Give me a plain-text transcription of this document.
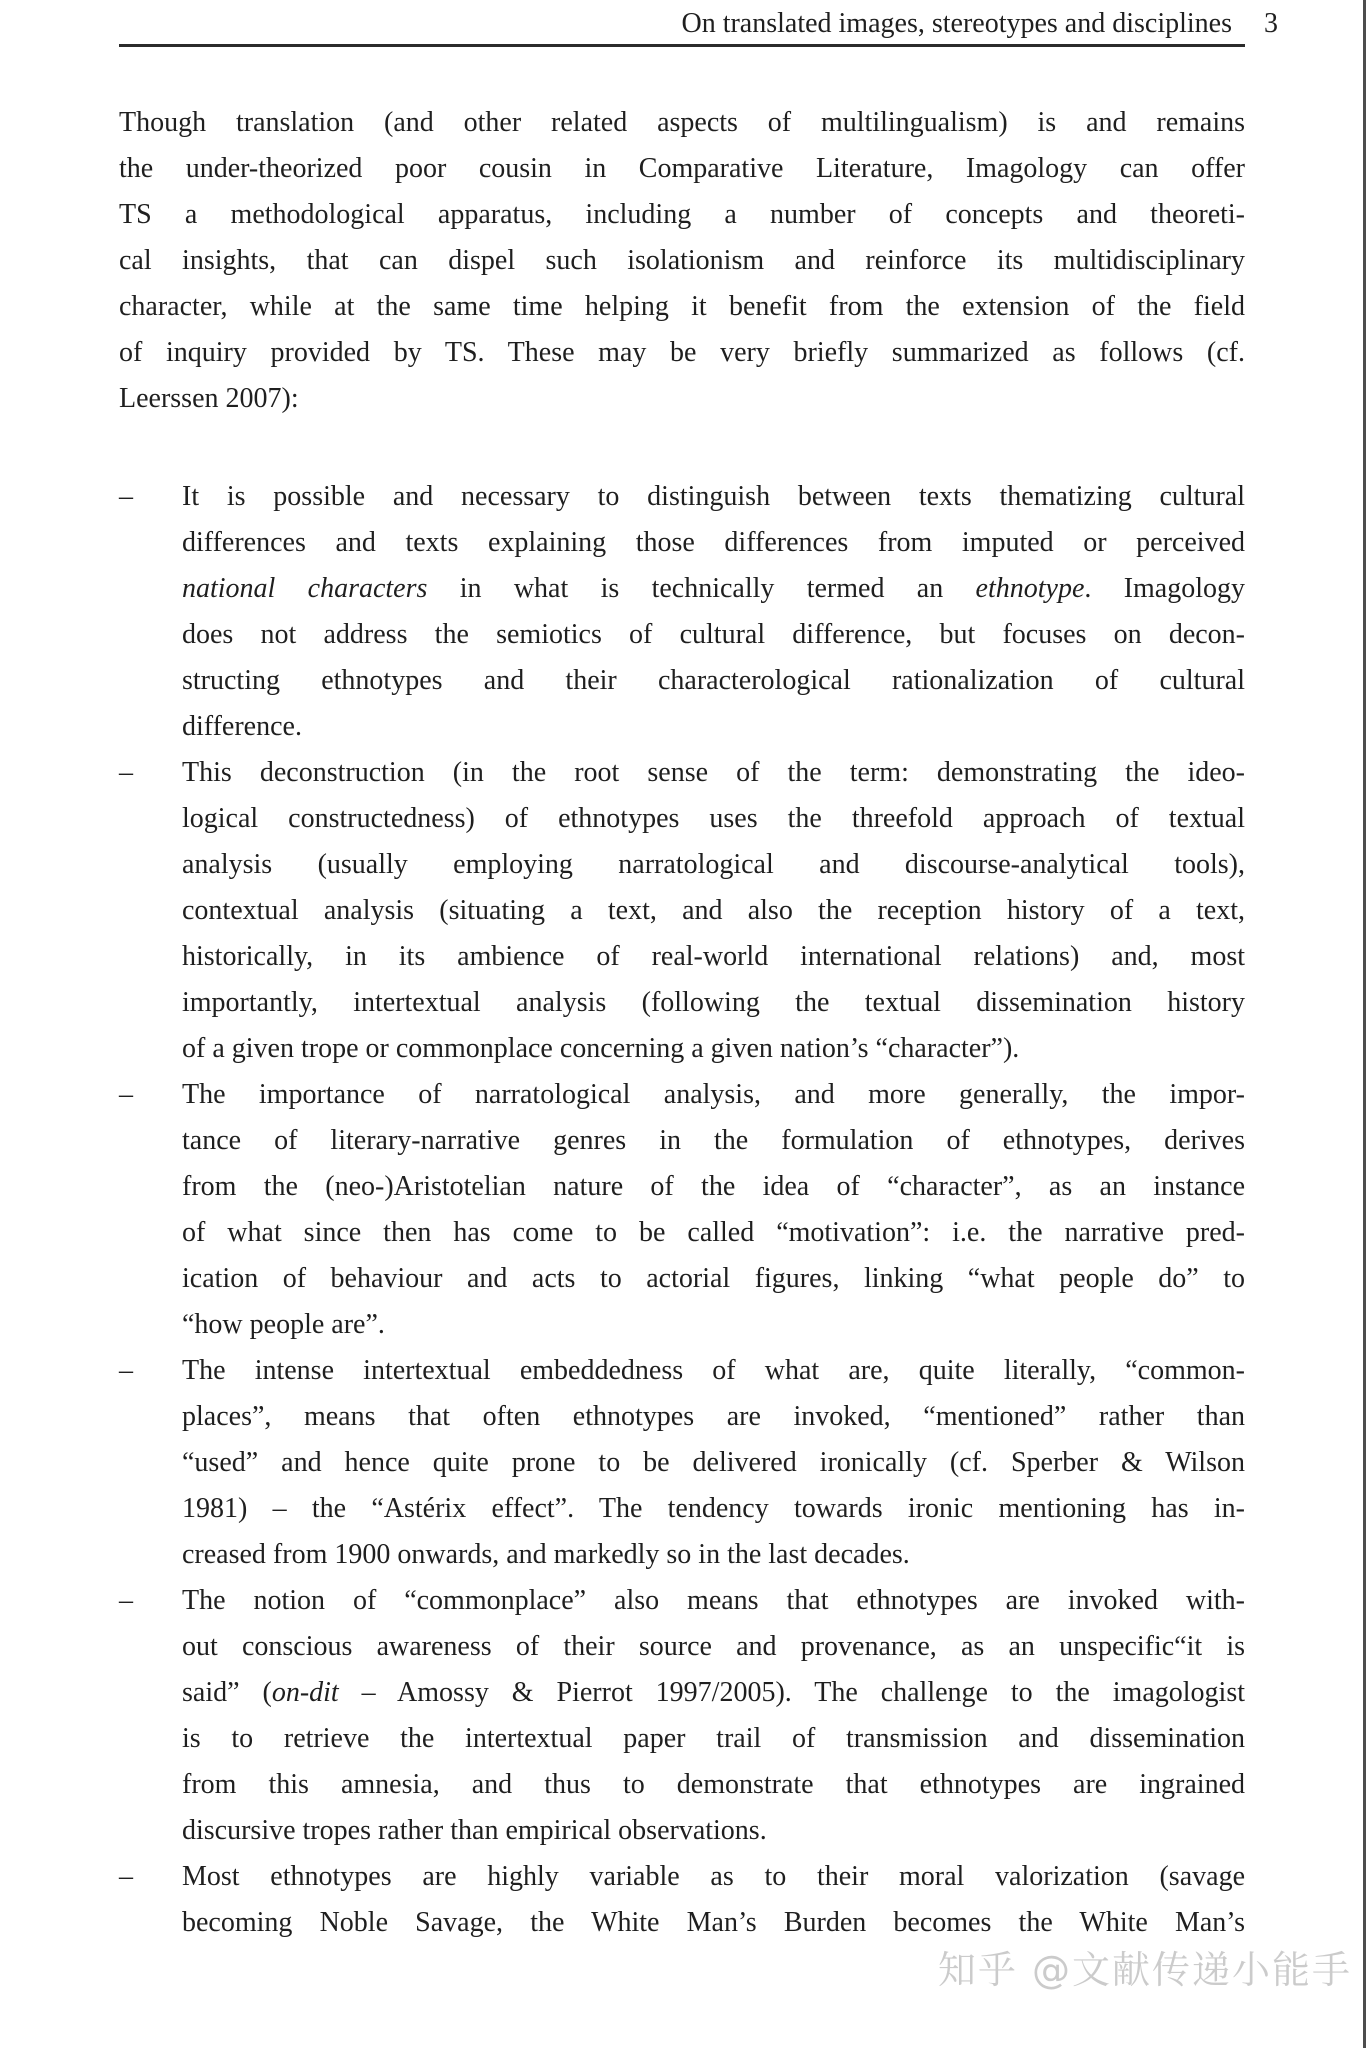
On translated images, stereotypes and disciplines 3

Though translation (and other related aspects of multilingualism) is and remains
the under-theorized poor cousin in Comparative Literature, Imagology can offer
TS a methodological apparatus, including a number of concepts and theoreti-
cal insights, that can dispel such isolationism and reinforce its multidisciplinary
character, while at the same time helping it benefit from the extension of the field
of inquiry provided by TS. These may be very briefly summarized as follows (cf.
Leerssen 2007):

– It is possible and necessary to distinguish between texts thematizing cultural
differences and texts explaining those differences from imputed or perceived
national characters in what is technically termed an ethnotype. Imagology
does not address the semiotics of cultural difference, but focuses on decon-
structing ethnotypes and their characterological rationalization of cultural
difference.
– This deconstruction (in the root sense of the term: demonstrating the ideo-
logical constructedness) of ethnotypes uses the threefold approach of textual
analysis (usually employing narratological and discourse-analytical tools),
contextual analysis (situating a text, and also the reception history of a text,
historically, in its ambience of real-world international relations) and, most
importantly, intertextual analysis (following the textual dissemination history
of a given trope or commonplace concerning a given nation’s “character”).
– The importance of narratological analysis, and more generally, the impor-
tance of literary-narrative genres in the formulation of ethnotypes, derives
from the (neo-)Aristotelian nature of the idea of “character”, as an instance
of what since then has come to be called “motivation”: i.e. the narrative pred-
ication of behaviour and acts to actorial figures, linking “what people do” to
“how people are”.
– The intense intertextual embeddedness of what are, quite literally, “common-
places”, means that often ethnotypes are invoked, “mentioned” rather than
“used” and hence quite prone to be delivered ironically (cf. Sperber & Wilson
1981) – the “Astérix effect”. The tendency towards ironic mentioning has in-
creased from 1900 onwards, and markedly so in the last decades.
– The notion of “commonplace” also means that ethnotypes are invoked with-
out conscious awareness of their source and provenance, as an unspecific“it is
said” (on-dit – Amossy & Pierrot 1997/2005). The challenge to the imagologist
is to retrieve the intertextual paper trail of transmission and dissemination
from this amnesia, and thus to demonstrate that ethnotypes are ingrained
discursive tropes rather than empirical observations.
– Most ethnotypes are highly variable as to their moral valorization (savage
becoming Noble Savage, the White Man’s Burden becomes the White Man’s
知乎 @文献传递小能手
